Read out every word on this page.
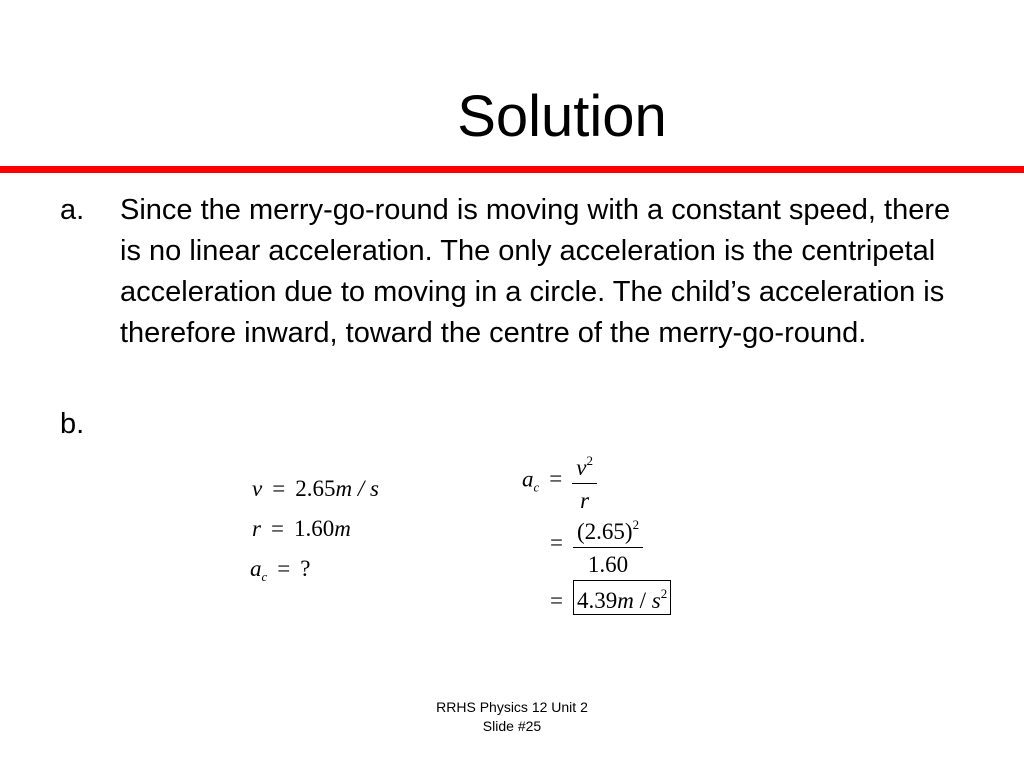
Solution
a. Since the merry-go-round is moving with a constant speed, there is no linear acceleration. The only acceleration is the centripetal acceleration due to moving in a circle. The child’s acceleration is therefore inward, toward the centre of the merry-go-round.
b.
v = 2.65m / s
r = 1.60m
$a_c$ = ?
$a_c = \frac{v^2}{r}$
= $\frac{(2.65)^2}{1.60}$
= $4.39m / s^2$
RRHS Physics 12 Unit 2
Slide #25
